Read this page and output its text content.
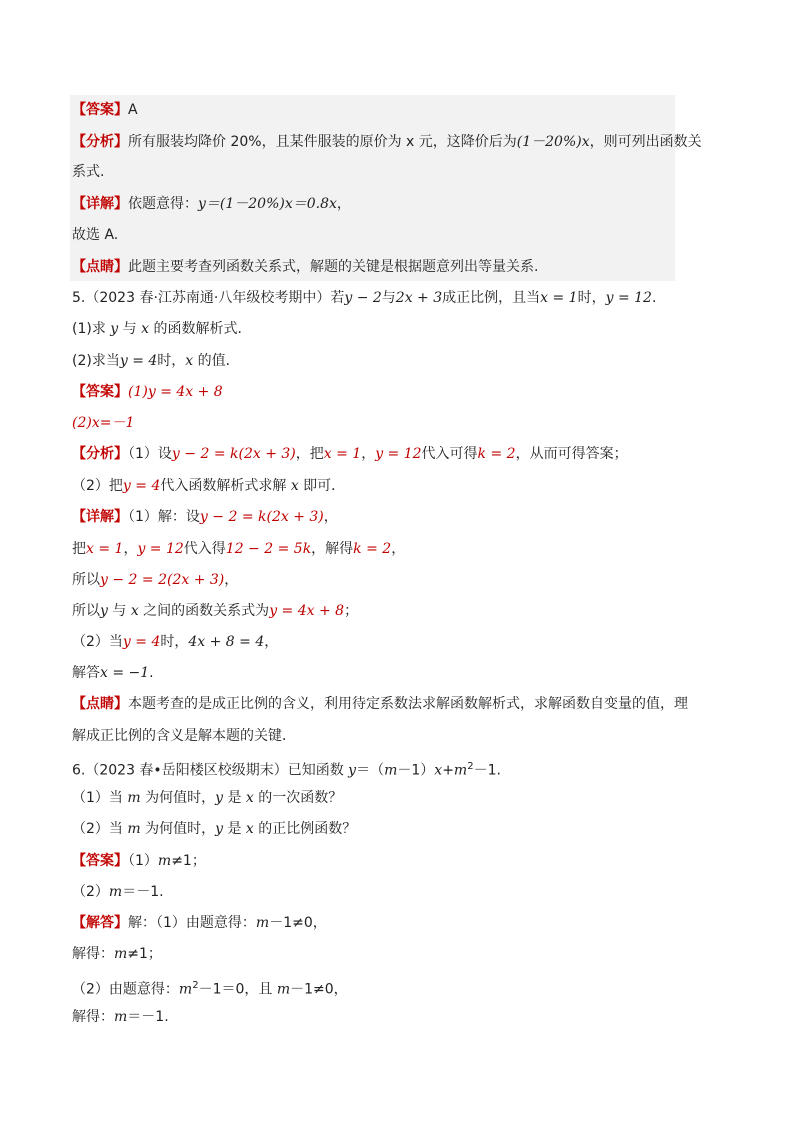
【答案】A
【分析】所有服装均降价 20%，且某件服装的原价为 x 元，这降价后为(1－20%)x，则可列出函数关
系式.
【详解】依题意得：y＝(1－20%)x＝0.8x，
故选 A.
【点睛】此题主要考查列函数关系式，解题的关键是根据题意列出等量关系.
5.（2023 春·江苏南通·八年级校考期中）若y − 2与2x + 3成正比例，且当x = 1时，y = 12.
(1)求 y 与 x 的函数解析式．
(2)求当y = 4时，x 的值．
【答案】(1)y = 4x + 8
(2)x=－1
【分析】（1）设y − 2 = k(2x + 3)，把x = 1，y = 12代入可得k = 2，从而可得答案；
（2）把y = 4代入函数解析式求解 x 即可．
【详解】（1）解：设y − 2 = k(2x + 3)，
把x = 1，y = 12代入得12 − 2 = 5k，解得k = 2，
所以y − 2 = 2(2x + 3)，
所以y 与 x 之间的函数关系式为y = 4x + 8；
（2）当y = 4时，4x + 8 = 4，
解答x = −1.
【点睛】本题考查的是成正比例的含义，利用待定系数法求解函数解析式，求解函数自变量的值，理
解成正比例的含义是解本题的关键．
6.（2023 春•岳阳楼区校级期末）已知函数 $y=(m-1)x+m^2-1$.
（1）当 m 为何值时，y 是 x 的一次函数？
（2）当 m 为何值时，y 是 x 的正比例函数？
【答案】（1）m≠1；
（2）m＝－1.
【解答】解：（1）由题意得：m－1≠0，
解得：m≠1；
（2）由题意得：$m^2-1=0$，且 m－1≠0，
解得：m＝－1.
